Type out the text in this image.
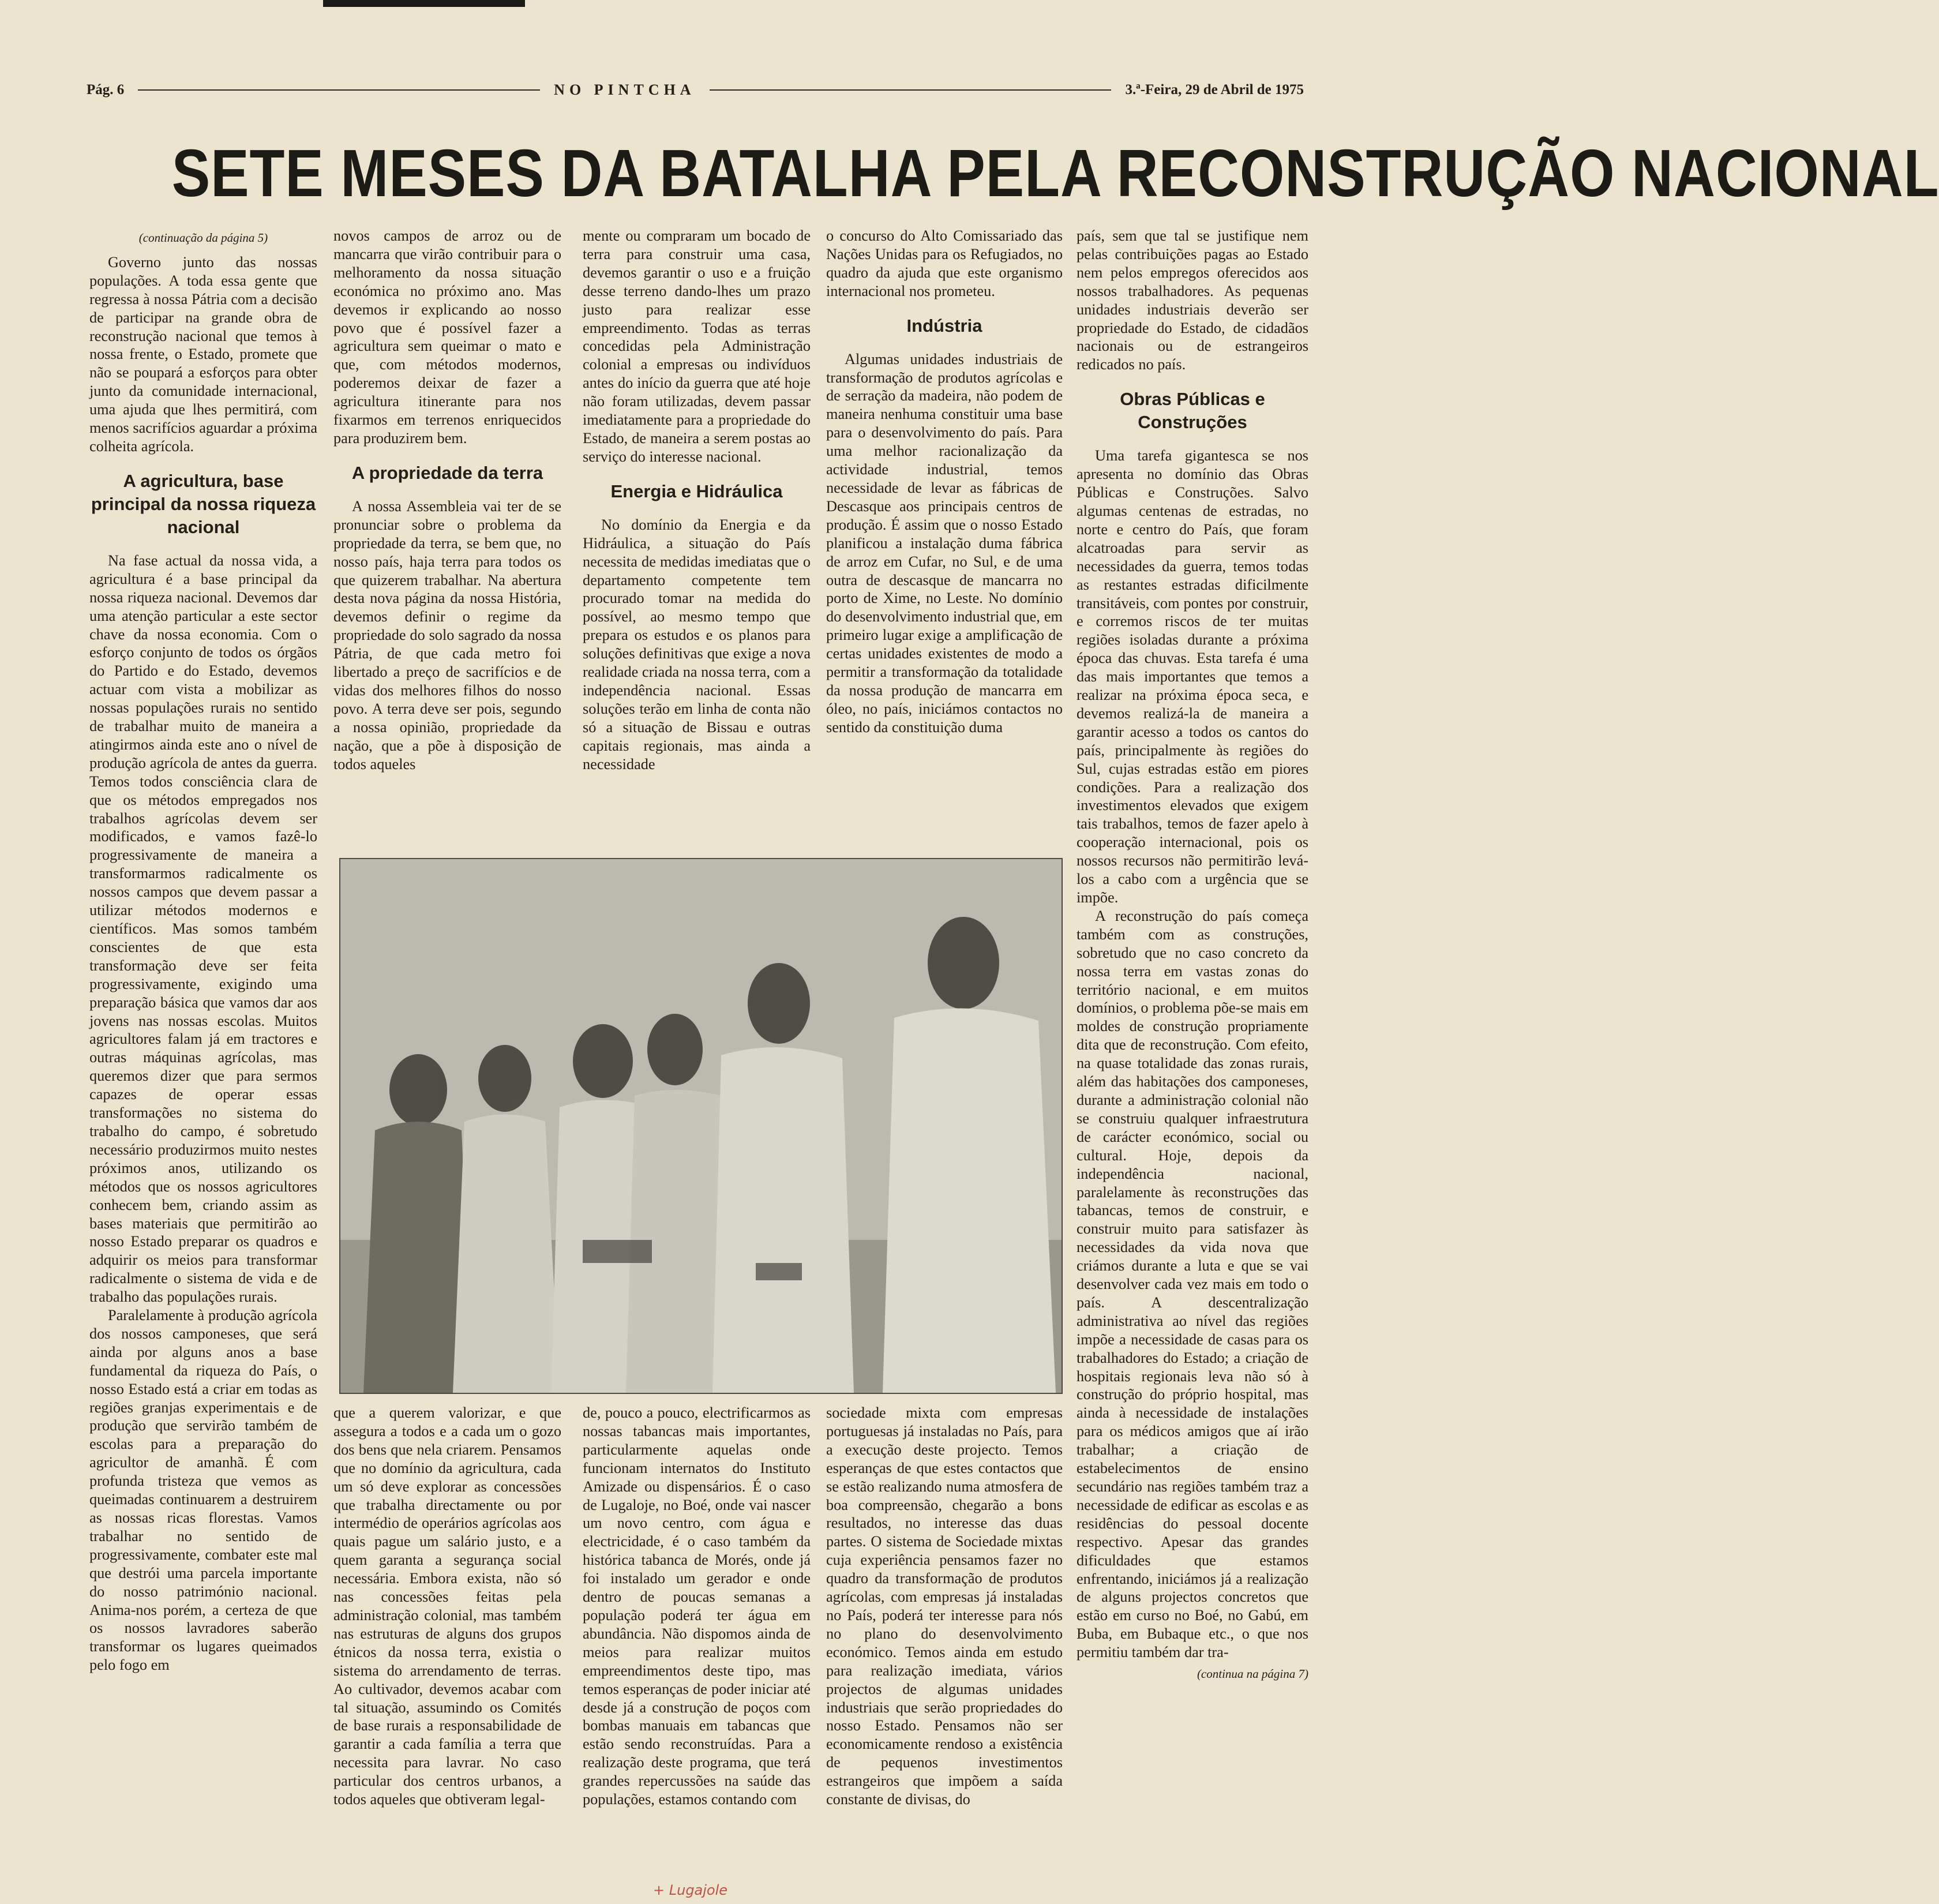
Pág. 6	NO PINTCHA	3.ª-Feira, 29 de Abril de 1975
SETE MESES DA BATALHA PELA RECONSTRUÇÃO NACIONAL

(continuação da página 5)

Governo junto das nossas populações. A toda essa gente que regressa à nossa Pátria com a decisão de participar na grande obra de reconstrução nacional que temos à nossa frente, o Estado, promete que não se poupará a esforços para obter junto da comunidade internacional, uma ajuda que lhes permitirá, com menos sacrifícios aguardar a próxima colheita agrícola.

A agricultura, base principal da nossa riqueza nacional

Na fase actual da nossa vida, a agricultura é a base principal da nossa riqueza nacional. Devemos dar uma atenção particular a este sector chave da nossa economia. Com o esforço conjunto de todos os órgãos do Partido e do Estado, devemos actuar com vista a mobilizar as nossas populações rurais no sentido de trabalhar muito de maneira a atingirmos ainda este ano o nível de produção agrícola de antes da guerra. Temos todos consciência clara de que os métodos empregados nos trabalhos agrícolas devem ser modificados, e vamos fazê-lo progressivamente de maneira a transformarmos radicalmente os nossos campos que devem passar a utilizar métodos modernos e científicos. Mas somos também conscientes de que esta transformação deve ser feita progressivamente, exigindo uma preparação básica que vamos dar aos jovens nas nossas escolas. Muitos agricultores falam já em tractores e outras máquinas agrícolas, mas queremos dizer que para sermos capazes de operar essas transformações no sistema do trabalho do campo, é sobretudo necessário produzirmos muito nestes próximos anos, utilizando os métodos que os nossos agricultores conhecem bem, criando assim as bases materiais que permitirão ao nosso Estado preparar os quadros e adquirir os meios para transformar radicalmente o sistema de vida e de trabalho das populações rurais.

Paralelamente à produção agrícola dos nossos camponeses, que será ainda por alguns anos a base fundamental da riqueza do País, o nosso Estado está a criar em todas as regiões granjas experimentais e de produção que servirão também de escolas para a preparação do agricultor de amanhã. É com profunda tristeza que vemos as queimadas continuarem a destruirem as nossas ricas florestas. Vamos trabalhar no sentido de progressivamente, combater este mal que destrói uma parcela importante do nosso património nacional. Anima-nos porém, a certeza de que os nossos lavradores saberão transformar os lugares queimados pelo fogo em

novos campos de arroz ou de mancarra que virão contribuir para o melhoramento da nossa situação económica no próximo ano. Mas devemos ir explicando ao nosso povo que é possível fazer a agricultura sem queimar o mato e que, com métodos modernos, poderemos deixar de fazer a agricultura itinerante para nos fixarmos em terrenos enriquecidos para produzirem bem.

A propriedade da terra

A nossa Assembleia vai ter de se pronunciar sobre o problema da propriedade da terra, se bem que, no nosso país, haja terra para todos os que quizerem trabalhar. Na abertura desta nova página da nossa História, devemos definir o regime da propriedade do solo sagrado da nossa Pátria, de que cada metro foi libertado a preço de sacrifícios e de vidas dos melhores filhos do nosso povo. A terra deve ser pois, segundo a nossa opinião, propriedade da nação, que a põe à disposição de todos aqueles

mente ou compraram um bocado de terra para construir uma casa, devemos garantir o uso e a fruição desse terreno dando-lhes um prazo justo para realizar esse empreendimento. Todas as terras concedidas pela Administração colonial a empresas ou indivíduos antes do início da guerra que até hoje não foram utilizadas, devem passar imediatamente para a propriedade do Estado, de maneira a serem postas ao serviço do interesse nacional.

Energia e Hidráulica

No domínio da Energia e da Hidráulica, a situação do País necessita de medidas imediatas que o departamento competente tem procurado tomar na medida do possível, ao mesmo tempo que prepara os estudos e os planos para soluções definitivas que exige a nova realidade criada na nossa terra, com a independência nacional. Essas soluções terão em linha de conta não só a situação de Bissau e outras capitais regionais, mas ainda a necessidade

o concurso do Alto Comissariado das Nações Unidas para os Refugiados, no quadro da ajuda que este organismo internacional nos prometeu.

Indústria

Algumas unidades industriais de transformação de produtos agrícolas e de serração da madeira, não podem de maneira nenhuma constituir uma base para o desenvolvimento do país. Para uma melhor racionalização da actividade industrial, temos necessidade de levar as fábricas de Descasque aos principais centros de produção. É assim que o nosso Estado planificou a instalação duma fábrica de arroz em Cufar, no Sul, e de uma outra de descasque de mancarra no porto de Xime, no Leste. No domínio do desenvolvimento industrial que, em primeiro lugar exige a amplificação de certas unidades existentes de modo a permitir a transformação da totalidade da nossa produção de mancarra em óleo, no país, iniciámos contactos no sentido da constituição duma

país, sem que tal se justifique nem pelas contribuições pagas ao Estado nem pelos empregos oferecidos aos nossos trabalhadores. As pequenas unidades industriais deverão ser propriedade do Estado, de cidadãos nacionais ou de estrangeiros redicados no país.

Obras Públicas e Construções

Uma tarefa gigantesca se nos apresenta no domínio das Obras Públicas e Construções. Salvo algumas centenas de estradas, no norte e centro do País, que foram alcatroadas para servir as necessidades da guerra, temos todas as restantes estradas dificilmente transitáveis, com pontes por construir, e corremos riscos de ter muitas regiões isoladas durante a próxima época das chuvas. Esta tarefa é uma das mais importantes que temos a realizar na próxima época seca, e devemos realizá-la de maneira a garantir acesso a todos os cantos do país, principalmente às regiões do Sul, cujas estradas estão em piores condições. Para a realização dos investimentos elevados que exigem tais trabalhos, temos de fazer apelo à cooperação internacional, pois os nossos recursos não permitirão levá-los a cabo com a urgência que se impõe.

A reconstrução do país começa também com as construções, sobretudo que no caso concreto da nossa terra em vastas zonas do território nacional, e em muitos domínios, o problema põe-se mais em moldes de construção propriamente dita que de reconstrução. Com efeito, na quase totalidade das zonas rurais, além das habitações dos camponeses, durante a administração colonial não se construiu qualquer infraestrutura de carácter económico, social ou cultural. Hoje, depois da independência nacional, paralelamente às reconstruções das tabancas, temos de construir, e construir muito para satisfazer às necessidades da vida nova que criámos durante a luta e que se vai desenvolver cada vez mais em todo o país. A descentralização administrativa ao nível das regiões impõe a necessidade de casas para os trabalhadores do Estado; a criação de hospitais regionais leva não só à construção do próprio hospital, mas ainda à necessidade de instalações para os médicos amigos que aí irão trabalhar; a criação de estabelecimentos de ensino secundário nas regiões também traz a necessidade de edificar as escolas e as residências do pessoal docente respectivo. Apesar das grandes dificuldades que estamos enfrentando, iniciámos já a realização de alguns projectos concretos que estão em curso no Boé, no Gabú, em Buba, em Bubaque etc., o que nos permitiu também dar tra-

(continua na página 7)

que a querem valorizar, e que assegura a todos e a cada um o gozo dos bens que nela criarem. Pensamos que no domínio da agricultura, cada um só deve explorar as concessões que trabalha directamente ou por intermédio de operários agrícolas aos quais pague um salário justo, e a quem garanta a segurança social necessária. Embora exista, não só nas concessões feitas pela administração colonial, mas também nas estruturas de alguns dos grupos étnicos da nossa terra, existia o sistema do arrendamento de terras. Ao cultivador, devemos acabar com tal situação, assumindo os Comités de base rurais a responsabilidade de garantir a cada família a terra que necessita para lavrar. No caso particular dos centros urbanos, a todos aqueles que obtiveram legal-

de, pouco a pouco, electrificarmos as nossas tabancas mais importantes, particularmente aquelas onde funcionam internatos do Instituto Amizade ou dispensários. É o caso de Lugaloje, no Boé, onde vai nascer um novo centro, com água e electricidade, é o caso também da histórica tabanca de Morés, onde já foi instalado um gerador e onde dentro de poucas semanas a população poderá ter água em abundância. Não dispomos ainda de meios para realizar muitos empreendimentos deste tipo, mas temos esperanças de poder iniciar até desde já a construção de poços com bombas manuais em tabancas que estão sendo reconstruídas. Para a realização deste programa, que terá grandes repercussões na saúde das populações, estamos contando com

sociedade mixta com empresas portuguesas já instaladas no País, para a execução deste projecto. Temos esperanças de que estes contactos que se estão realizando numa atmosfera de boa compreensão, chegarão a bons resultados, no interesse das duas partes. O sistema de Sociedade mixtas cuja experiência pensamos fazer no quadro da transformação de produtos agrícolas, com empresas já instaladas no País, poderá ter interesse para nós no plano do desenvolvimento económico. Temos ainda em estudo para realização imediata, vários projectos de algumas unidades industriais que serão propriedades do nosso Estado. Pensamos não ser economicamente rendoso a existência de pequenos investimentos estrangeiros que impõem a saída constante de divisas, do

+ Lugajole
